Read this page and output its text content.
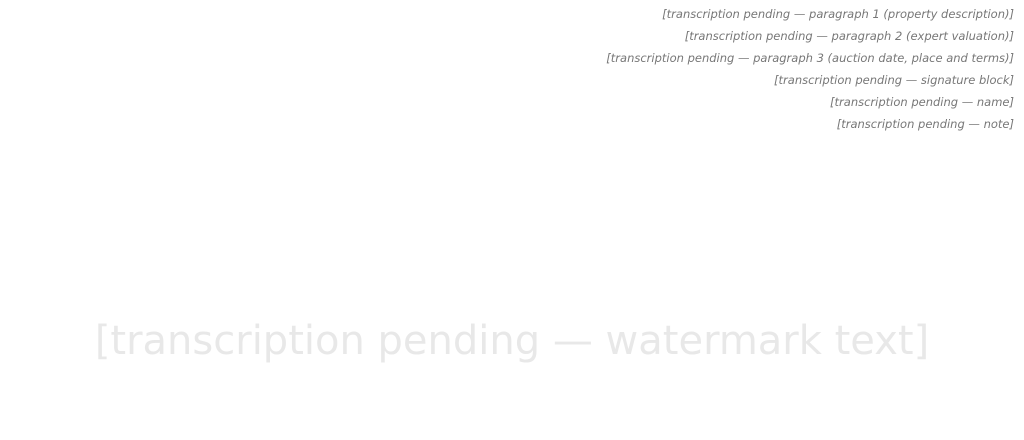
[transcription pending — paragraph 1 (property description)]

[transcription pending — paragraph 2 (expert valuation)]

[transcription pending — paragraph 3 (auction date, place and terms)]

[transcription pending — signature block]

[transcription pending — name]

[transcription pending — note]

[transcription pending — watermark text]
